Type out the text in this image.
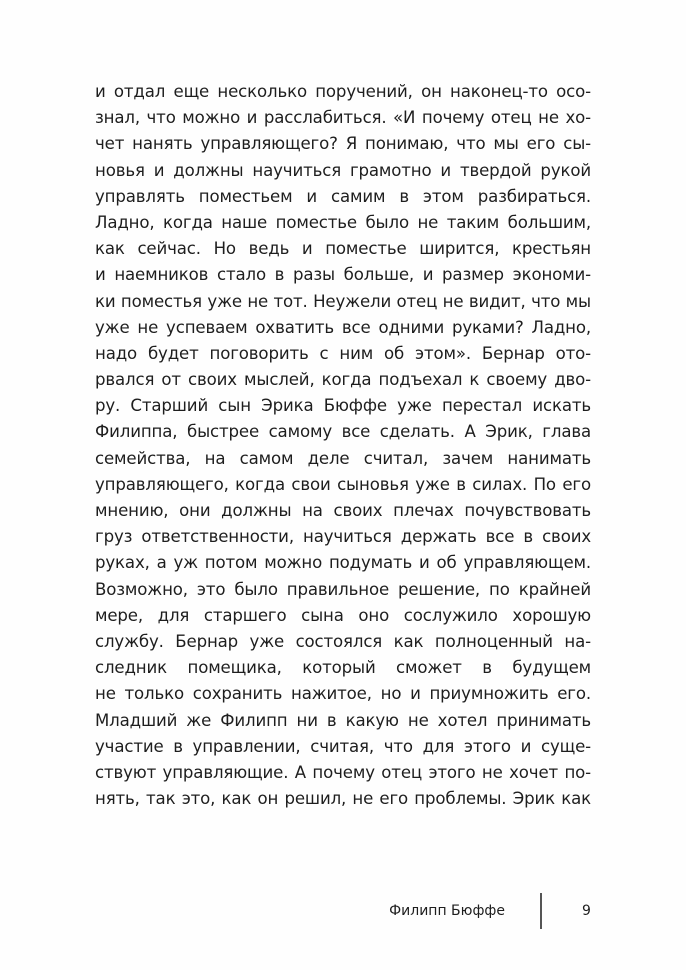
и отдал еще несколько поручений, он наконец-то осо-
знал, что можно и расслабиться. «И почему отец не хо-
чет нанять управляющего? Я понимаю, что мы его сы-
новья и должны научиться грамотно и твердой рукой
управлять поместьем и самим в этом разбираться.
Ладно, когда наше поместье было не таким большим,
как сейчас. Но ведь и поместье ширится, крестьян
и наемников стало в разы больше, и размер экономи-
ки поместья уже не тот. Неужели отец не видит, что мы
уже не успеваем охватить все одними руками? Ладно,
надо будет поговорить с ним об этом». Бернар ото-
рвался от своих мыслей, когда подъехал к своему дво-
ру. Старший сын Эрика Бюффе уже перестал искать
Филиппа, быстрее самому все сделать. А Эрик, глава
семейства, на самом деле считал, зачем нанимать
управляющего, когда свои сыновья уже в силах. По его
мнению, они должны на своих плечах почувствовать
груз ответственности, научиться держать все в своих
руках, а уж потом можно подумать и об управляющем.
Возможно, это было правильное решение, по крайней
мере, для старшего сына оно сослужило хорошую
службу. Бернар уже состоялся как полноценный на-
следник помещика, который сможет в будущем
не только сохранить нажитое, но и приумножить его.
Младший же Филипп ни в какую не хотел принимать
участие в управлении, считая, что для этого и суще-
ствуют управляющие. А почему отец этого не хочет по-
нять, так это, как он решил, не его проблемы. Эрик как
Филипп Бюффе	9
